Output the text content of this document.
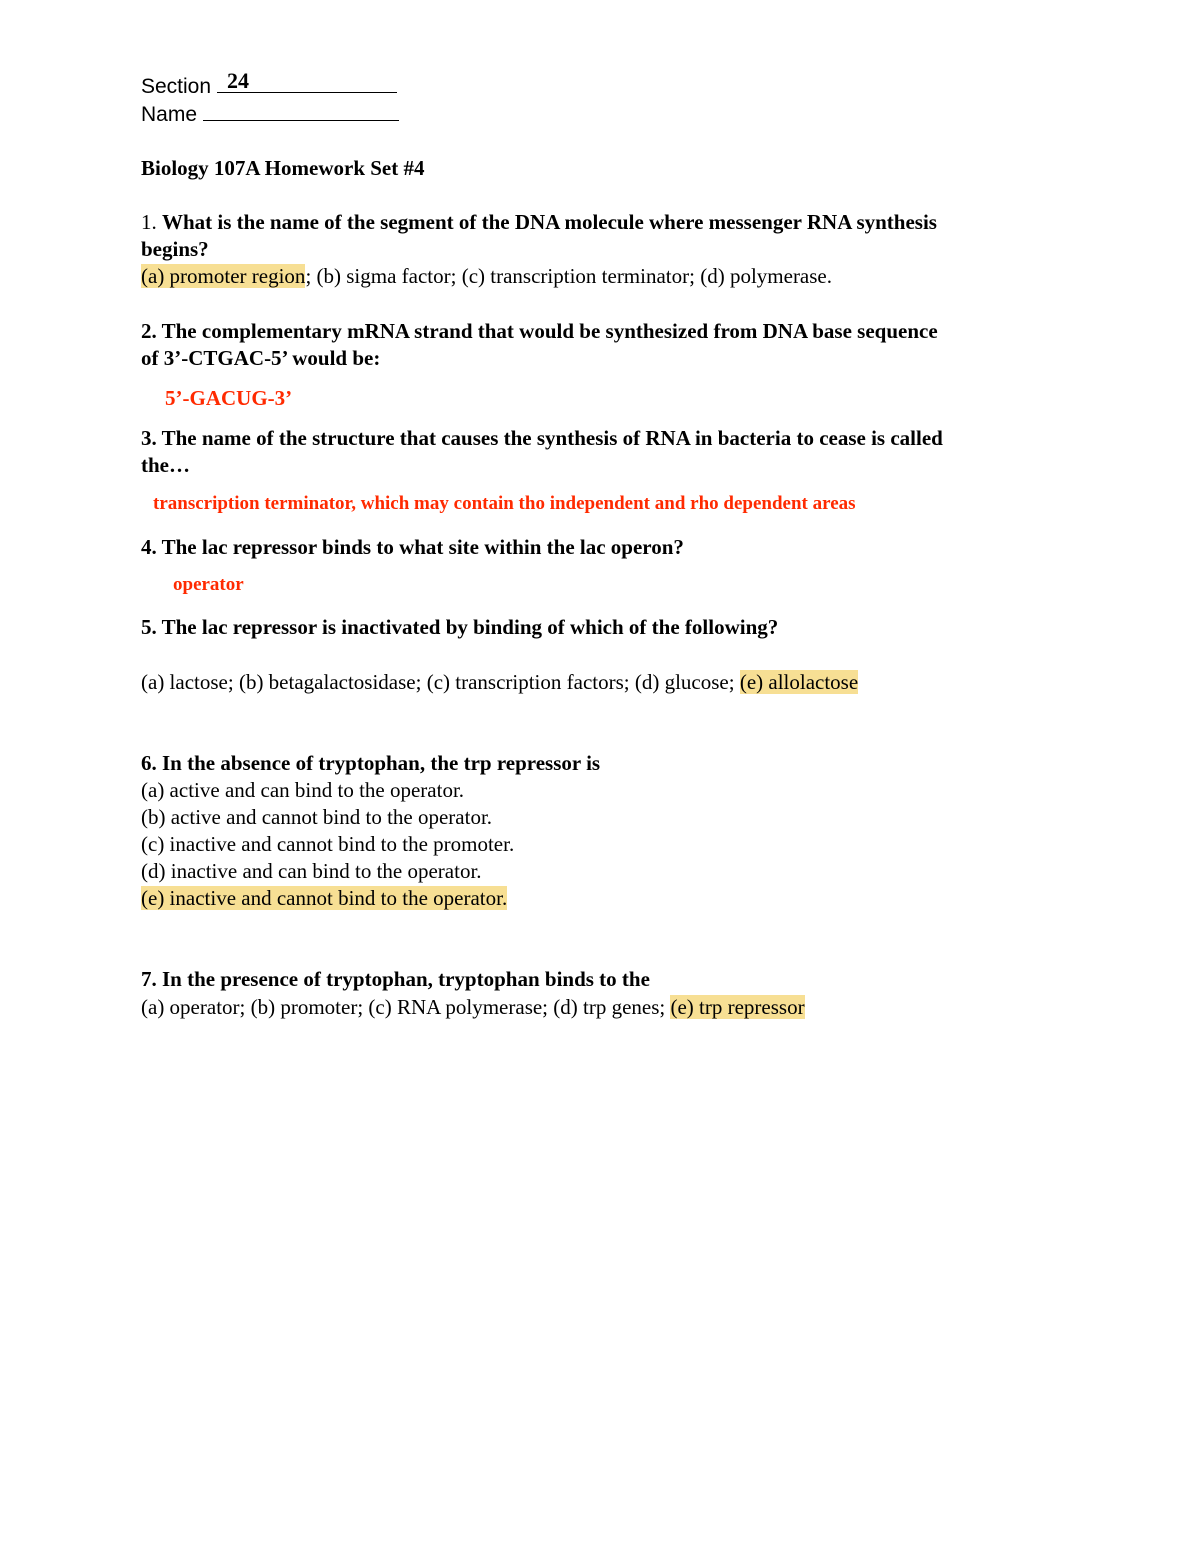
Section 24
Name
Biology 107A Homework Set #4
1. What is the name of the segment of the DNA molecule where messenger RNA synthesis
begins?
(a) promoter region; (b) sigma factor; (c) transcription terminator; (d) polymerase.
2. The complementary mRNA strand that would be synthesized from DNA base sequence
of 3’-CTGAC-5’ would be:
5’-GACUG-3’
3. The name of the structure that causes the synthesis of RNA in bacteria to cease is called
the…
transcription terminator, which may contain tho independent and rho dependent areas
4. The lac repressor binds to what site within the lac operon?
operator
5. The lac repressor is inactivated by binding of which of the following?
(a) lactose; (b) betagalactosidase; (c) transcription factors; (d) glucose; (e) allolactose
6. In the absence of tryptophan, the trp repressor is
(a) active and can bind to the operator.
(b) active and cannot bind to the operator.
(c) inactive and cannot bind to the promoter.
(d) inactive and can bind to the operator.
(e) inactive and cannot bind to the operator.
7. In the presence of tryptophan, tryptophan binds to the
(a) operator; (b) promoter; (c) RNA polymerase; (d) trp genes; (e) trp repressor
